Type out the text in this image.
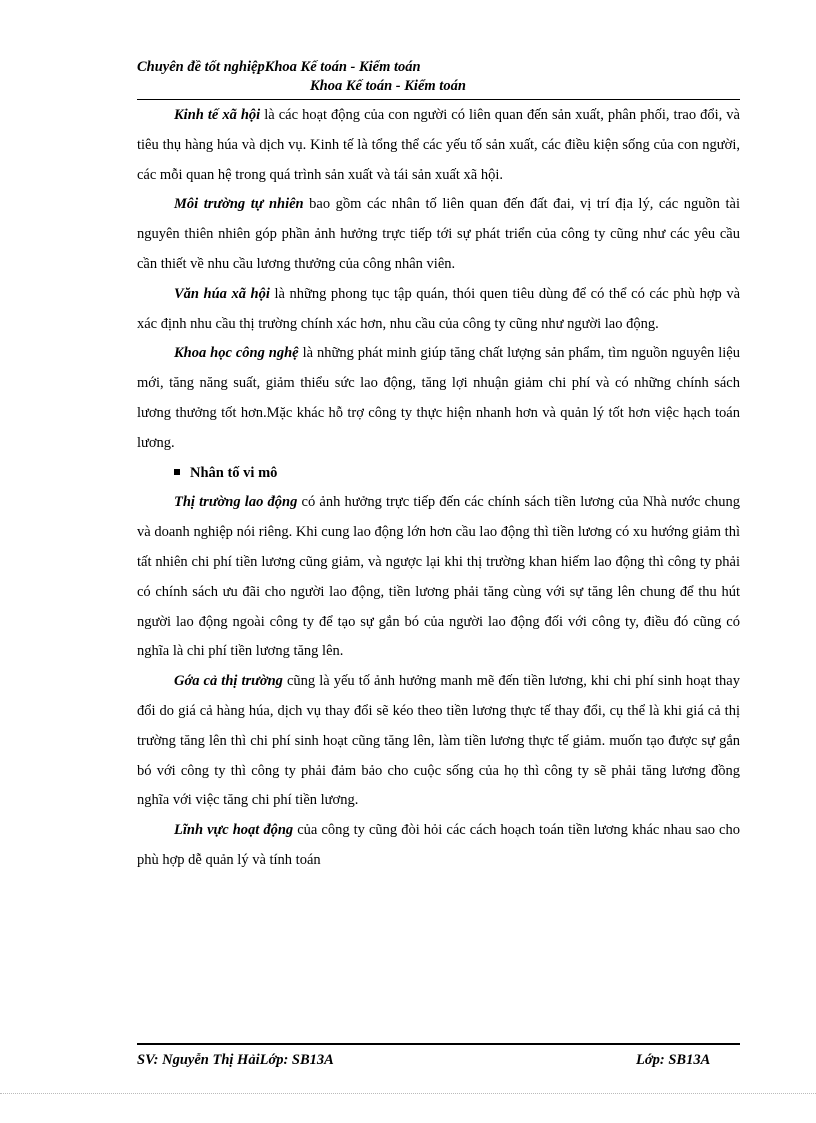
Chuyên đề tốt nghiệpKhoa Kế toán - Kiểm toán
Khoa Kế toán - Kiểm toán

Kinh tế xã hội là các hoạt động của con người có liên quan đến sản xuất, phân phối, trao đổi, và tiêu thụ hàng húa và dịch vụ. Kinh tế là tổng thể các yếu tố sản xuất, các điều kiện sống của con người, các mỗi quan hệ trong quá trình sản xuất và tái sản xuất xã hội.

Môi trường tự nhiên bao gồm các nhân tố liên quan đến đất đai, vị trí địa lý, các nguồn tài nguyên thiên nhiên góp phần ảnh hưởng trực tiếp tới sự phát triển của công ty cũng như các yêu cầu cần thiết về nhu cầu lương thưởng của công nhân viên.

Văn húa xã hội là những phong tục tập quán, thói quen tiêu dùng để có thể có các phù hợp và xác định nhu cầu thị trường chính xác hơn, nhu cầu của công ty cũng như người lao động.

Khoa học công nghệ là những phát minh giúp tăng chất lượng sản phẩm, tìm nguồn nguyên liệu mới, tăng năng suất, giảm thiểu sức lao động, tăng lợi nhuận giảm chi phí và có những chính sách lương thưởng tốt hơn.Mặc khác hỗ trợ công ty thực hiện nhanh hơn và quản lý tốt hơn việc hạch toán lương.

Nhân tố vi mô

Thị trường lao động có ảnh hưởng trực tiếp đến các chính sách tiền lương của Nhà nước chung và doanh nghiệp nói riêng. Khi cung lao động lớn hơn cầu lao động thì tiền lương có xu hướng giảm thì tất nhiên chi phí tiền lương cũng giảm, và ngược lại khi thị trường khan hiếm lao động thì công ty phải có chính sách ưu đãi cho người lao động, tiền lương phải tăng cùng với sự tăng lên chung để thu hút người lao động ngoài công ty để tạo sự gắn bó của người lao động đối với công ty, điều đó cũng có nghĩa là chi phí tiền lương tăng lên.

Gớa cả thị trường cũng là yếu tố ảnh hưởng manh mẽ đến tiền lương, khi chi phí sinh hoạt thay đổi do giá cả hàng húa, dịch vụ thay đổi sẽ kéo theo tiền lương thực tế thay đổi, cụ thể là khi giá cả thị trường tăng lên thì chi phí sinh hoạt cũng tăng lên, làm tiền lương thực tế giảm. muốn tạo được sự gắn bó với công ty thì công ty phải đảm bảo cho cuộc sống của họ thì công ty sẽ phải tăng lương đồng nghĩa với việc tăng chi phí tiền lương.

Lĩnh vực hoạt động của công ty cũng đòi hỏi các cách hoạch toán tiền lương khác nhau sao cho phù hợp dễ quản lý và tính toán

SV: Nguyễn Thị HảiLớp: SB13A	Lớp: SB13A
